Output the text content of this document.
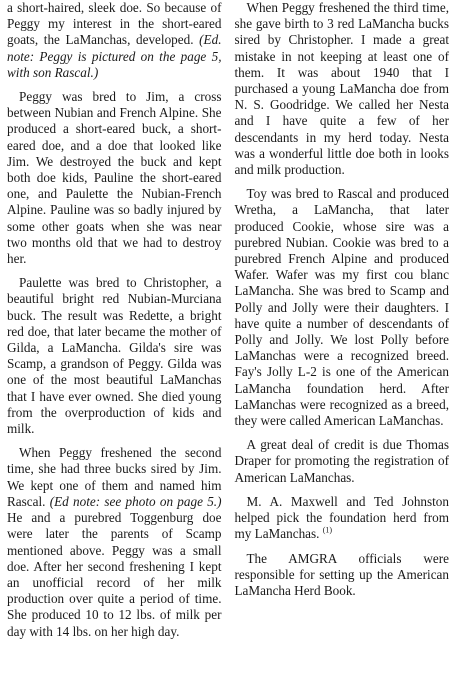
a short-haired, sleek doe. So because of Peggy my interest in the short-eared goats, the LaManchas, developed. (Ed. note: Peggy is pictured on the page 5, with son Rascal.)

Peggy was bred to Jim, a cross between Nubian and French Alpine. She produced a short-eared buck, a short-eared doe, and a doe that looked like Jim. We destroyed the buck and kept both doe kids, Pauline the short-eared one, and Paulette the Nubian-French Alpine. Pauline was so badly injured by some other goats when she was near two months old that we had to destroy her.

Paulette was bred to Christopher, a beautiful bright red Nubian-Murciana buck. The result was Redette, a bright red doe, that later became the mother of Gilda, a LaMancha. Gilda's sire was Scamp, a grandson of Peggy. Gilda was one of the most beautiful LaManchas that I have ever owned. She died young from the overproduction of kids and milk.

When Peggy freshened the second time, she had three bucks sired by Jim. We kept one of them and named him Rascal. (Ed note: see photo on page 5.) He and a purebred Toggenburg doe were later the parents of Scamp mentioned above. Peggy was a small doe. After her second freshening I kept an unofficial record of her milk production over quite a period of time. She produced 10 to 12 lbs. of milk per day with 14 lbs. on her high day.

When Peggy freshened the third time, she gave birth to 3 red LaMancha bucks sired by Christopher. I made a great mistake in not keeping at least one of them. It was about 1940 that I purchased a young LaMancha doe from N. S. Goodridge. We called her Nesta and I have quite a few of her descendants in my herd today. Nesta was a wonderful little doe both in looks and milk production.

Toy was bred to Rascal and produced Wretha, a LaMancha, that later produced Cookie, whose sire was a purebred Nubian. Cookie was bred to a purebred French Alpine and produced Wafer. Wafer was my first cou blanc LaMancha. She was bred to Scamp and Polly and Jolly were their daughters. I have quite a number of descendants of Polly and Jolly. We lost Polly before LaManchas were a recognized breed. Fay's Jolly L-2 is one of the American LaMancha foundation herd. After LaManchas were recognized as a breed, they were called American LaManchas.

A great deal of credit is due Thomas Draper for promoting the registration of American LaManchas.

M. A. Maxwell and Ted Johnston helped pick the foundation herd from my LaManchas. $^{(1)}$

The AMGRA officials were responsible for setting up the American LaMancha Herd Book.
